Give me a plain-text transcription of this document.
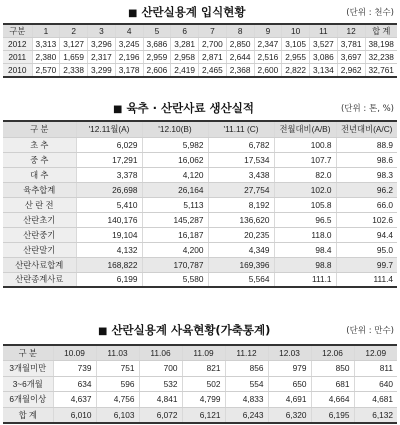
■ 산란실용계 입식현황	(단위 : 천수)
구분	1	2	3	4	5	6	7	8	9	10	11	12	합 계
2012	3,313	3,127	3,296	3,245	3,686	3,281	2,700	2,850	2,347	3,105	3,527	3,781	38,198
2011	2,380	1,659	2,317	2,196	2,959	2,958	2,871	2,644	2,516	2,955	3,086	3,697	32,238
2010	2,570	2,338	3,299	3,178	2,606	2,419	2,465	2,368	2,600	2,822	3,134	2,962	32,761
■ 육추 · 산란사료 생산실적	(단위 : 톤, %)
구 분	'12.11월(A)	'12.10(B)	'11.11 (C)	전월대비(A/B)	전년대비(A/C)
초 추	6,029	5,982	6,782	100.8	88.9
중 추	17,291	16,062	17,534	107.7	98.6
대 추	3,378	4,120	3,438	82.0	98.3
육추합계	26,698	26,164	27,754	102.0	96.2
산 란 전	5,410	5,113	8,192	105.8	66.0
산란초기	140,176	145,287	136,620	96.5	102.6
산란중기	19,104	16,187	20,235	118.0	94.4
산란말기	4,132	4,200	4,349	98.4	95.0
산란사료합계	168,822	170,787	169,396	98.8	99.7
산란종계사료	6,199	5,580	5,564	111.1	111.4
■ 산란실용계 사육현황(가축통계)	(단위 : 만수)
구 분	10.09	11.03	11.06	11.09	11.12	12.03	12.06	12.09
3개월미만	739	751	700	821	856	979	850	811
3~6개월	634	596	532	502	554	650	681	640
6개월이상	4,637	4,756	4,841	4,799	4,833	4,691	4,664	4,681
합 계	6,010	6,103	6,072	6,121	6,243	6,320	6,195	6,132
